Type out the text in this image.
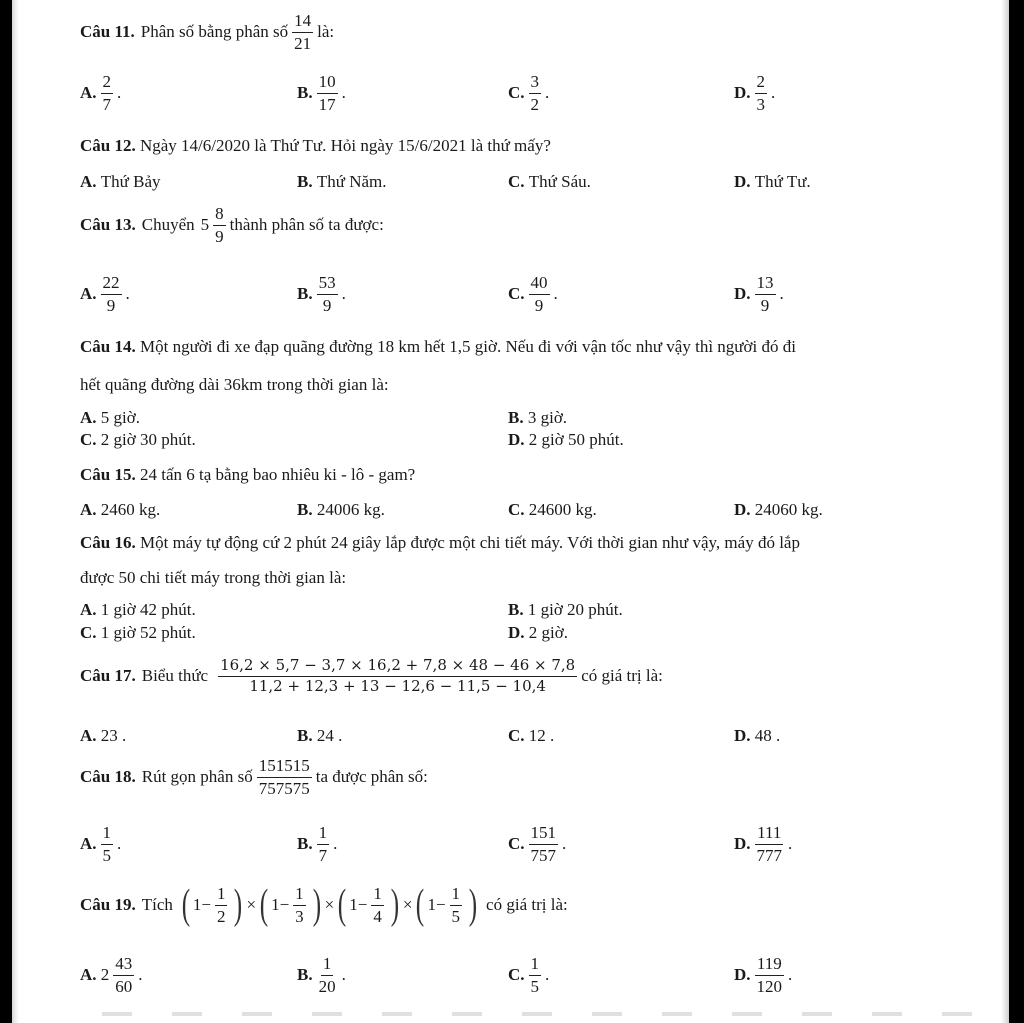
Câu 11. Phân số bằng phân số $\frac{14}{21}$ là:
A. $\frac{2}{7}$ .	B. $\frac{10}{17}$ .	C. $\frac{3}{2}$ .	D. $\frac{2}{3}$ .
Câu 12. Ngày 14/6/2020 là Thứ Tư. Hỏi ngày 15/6/2021 là thứ mấy?
A.
Thứ Bảy	B.
Thứ Năm.	C.
Thứ Sáu.	D.
Thứ Tư.
Câu 13. Chuyển $5 \frac{8}{9}$ thành phân số ta được:
A. $\frac{22}{9}$ .	B. $\frac{53}{9}$ .	C. $\frac{40}{9}$ .	D. $\frac{13}{9}$ .
Câu 14. Một người đi xe đạp quãng đường 18 km hết 1,5 giờ. Nếu đi với vận tốc như vậy thì người đó đi
hết quãng đường dài 36km trong thời gian là:
A.
5 giờ.	B.
3 giờ.
C.
2 giờ 30 phút.	D.
2 giờ 50 phút.
Câu 15. 24 tấn 6 tạ bằng bao nhiêu ki - lô - gam?
A.
2460 kg.	B.
24006 kg.	C.
24600 kg.	D.
24060 kg.
Câu 16. Một máy tự động cứ 2 phút 24 giây lắp được một chi tiết máy. Với thời gian như vậy, máy đó lắp
được 50 chi tiết máy trong thời gian là:
A.
1 giờ 42 phút.	B.
1 giờ 20 phút.
C.
1 giờ 52 phút.	D.
2 giờ.
Câu 17. Biểu thức $\frac{16,2 \times 5,7 - 3,7 \times 16,2 + 7,8 \times 48 - 46 \times 7,8}{11,2 + 12,3 + 13 - 12,6 - 11,5 - 10,4}$ có giá trị là:
A.
23 .	B.
24 .	C.
12 .	D.
48 .
Câu 18. Rút gọn phân số $\frac{151515}{757575}$ ta được phân số:
A. $\frac{1}{5}$ .	B. $\frac{1}{7}$ .	C. $\frac{151}{757}$ .	D. $\frac{111}{777}$ .
Câu 19. Tích ( $1 - \frac{1}{2}$ ) × ( $1 - \frac{1}{3}$ ) × ( $1 - \frac{1}{4}$ ) × ( $1 - \frac{1}{5}$ ) có giá trị là:
A.
$2 \frac{43}{60}$ .	B. $\frac{1}{20}$ .	C. $\frac{1}{5}$ .	D. $\frac{119}{120}$ .
